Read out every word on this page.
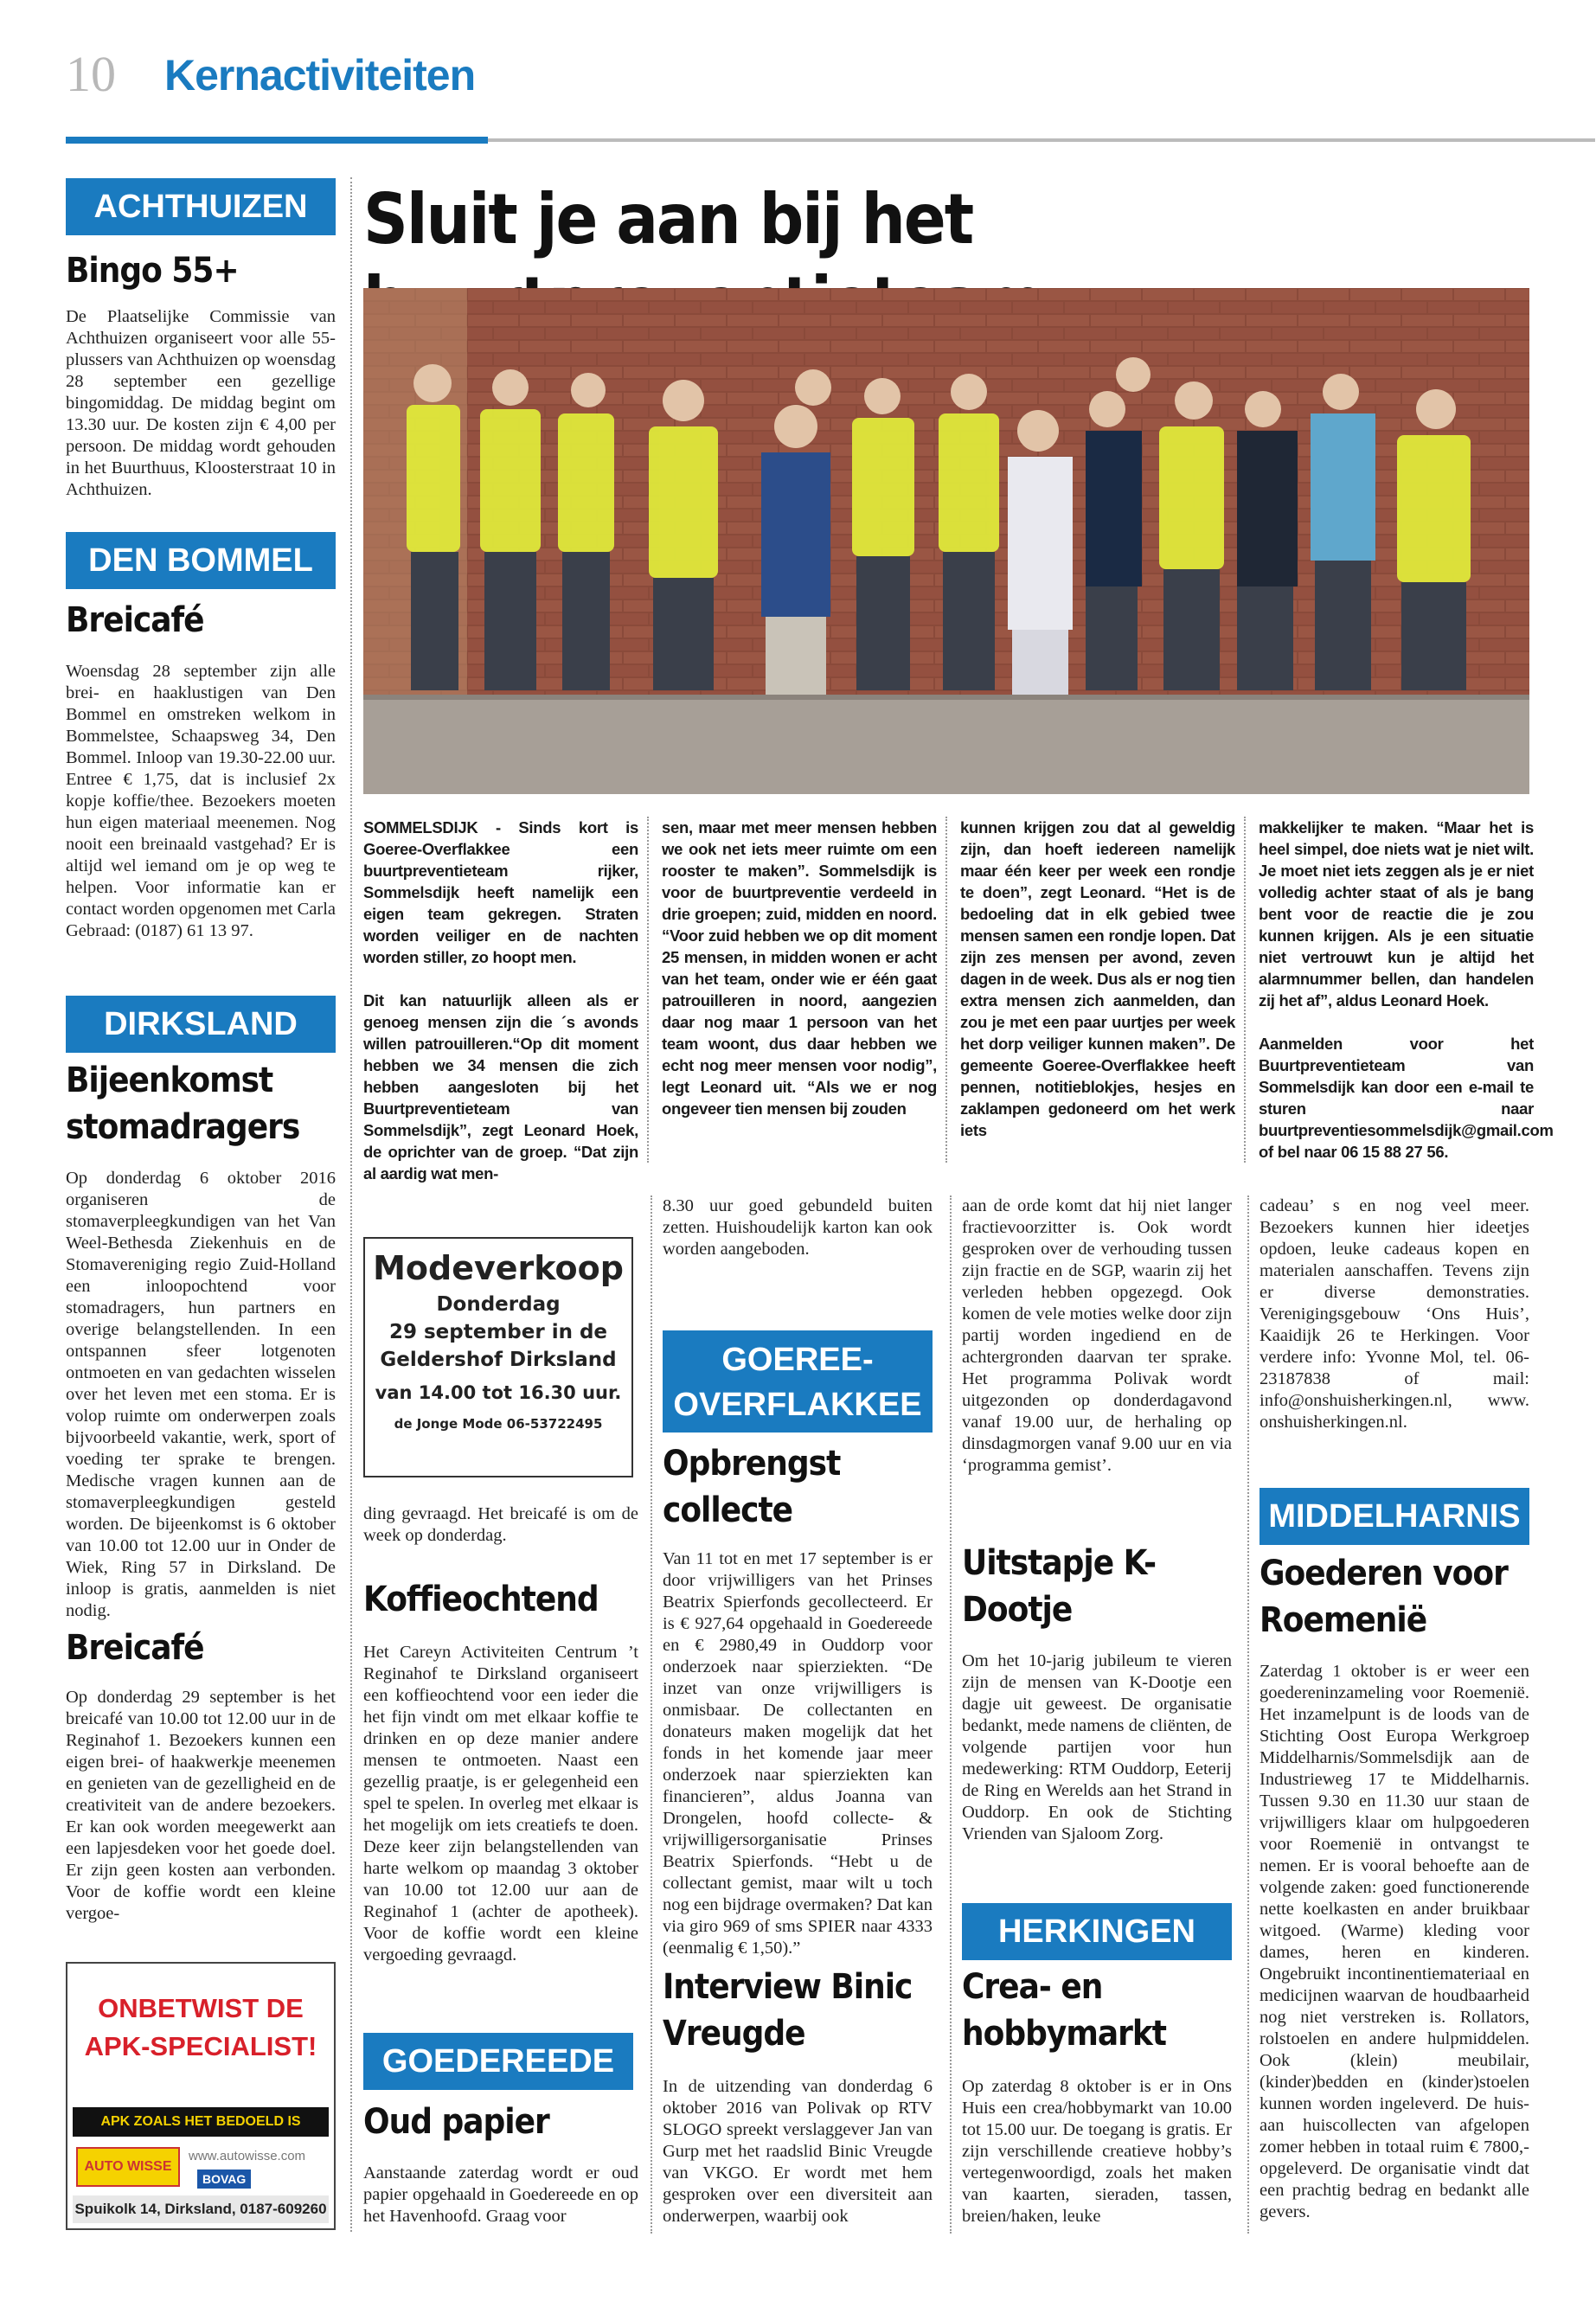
10 Kernactiviteiten
ACHTHUIZEN
Bingo 55+
De Plaatselijke Commissie van Achthuizen organiseert voor alle 55-plussers van Achthuizen op woensdag 28 september een gezellige bingomiddag. De middag begint om 13.30 uur. De kosten zijn € 4,00 per persoon. De middag wordt gehouden in het Buurthuus, Kloosterstraat 10 in Achthuizen.
DEN BOMMEL
Breicafé
Woensdag 28 september zijn alle brei- en haaklustigen van Den Bommel en omstreken welkom in Bommelstee, Schaapsweg 34, Den Bommel. Inloop van 19.30-22.00 uur. Entree € 1,75, dat is inclusief 2x kopje koffie/thee. Bezoekers moeten hun eigen materiaal meenemen. Nog nooit een breinaald vastgehad? Er is altijd wel iemand om je op weg te helpen. Voor informatie kan er contact worden opgenomen met Carla Gebraad: (0187) 61 13 97.
DIRKSLAND
Bijeenkomst stomadragers
Op donderdag 6 oktober 2016 organiseren de stomaverpleegkundigen van het Van Weel-Bethesda Ziekenhuis en de Stomavereniging regio Zuid-Holland een inloopochtend voor stomadragers, hun partners en overige belangstellenden. In een ontspannen sfeer lotgenoten ontmoeten en van gedachten wisselen over het leven met een stoma. Er is volop ruimte om onderwerpen zoals bijvoorbeeld vakantie, werk, sport of voeding ter sprake te brengen. Medische vragen kunnen aan de stomaverpleegkundigen gesteld worden. De bijeenkomst is 6 oktober van 10.00 tot 12.00 uur in Onder de Wiek, Ring 57 in Dirksland. De inloop is gratis, aanmelden is niet nodig.
Breicafé
Op donderdag 29 september is het breicafé van 10.00 tot 12.00 uur in de Reginahof 1. Bezoekers kunnen een eigen brei- of haakwerkje meenemen en genieten van de gezelligheid en de creativiteit van de andere bezoekers. Er kan ook worden meegewerkt aan een lapjesdeken voor het goede doel. Er zijn geen kosten aan verbonden. Voor de koffie wordt een kleine vergoe-
ONBETWIST DE APK-SPECIALIST!
APK ZOALS HET BEDOELD IS
AUTO WISSE
www.autowisse.com
BOVAG
Spuikolk 14, Dirksland, 0187-609260
Sluit je aan bij het
SOMMELSDIJK - Sinds kort is Goeree-Overflakkee een buurtpreventieteam rijker, Sommelsdijk heeft namelijk een eigen team gekregen. Straten worden veiliger en de nachten worden stiller, zo hoopt men.
Dit kan natuurlijk alleen als er genoeg mensen zijn die ´s avonds willen patrouilleren.“Op dit moment hebben we 34 mensen die zich hebben aangesloten bij het Buurtpreventieteam van Sommelsdijk”, zegt Leonard Hoek, de oprichter van de groep. “Dat zijn al aardig wat men-
sen, maar met meer mensen hebben we ook net iets meer ruimte om een rooster te maken”. Sommelsdijk is voor de buurtpreventie verdeeld in drie groepen; zuid, midden en noord. “Voor zuid hebben we op dit moment 25 mensen, in midden wonen er acht van het team, onder wie er één gaat patrouilleren in noord, aangezien daar nog maar 1 persoon van het team woont, dus daar hebben we echt nog meer mensen voor nodig”, legt Leonard uit. “Als we er nog ongeveer tien mensen bij zouden
kunnen krijgen zou dat al geweldig zijn, dan hoeft iedereen namelijk maar één keer per week een rondje te doen”, zegt Leonard. “Het is de bedoeling dat in elk gebied twee mensen samen een rondje lopen. Dat zijn zes mensen per avond, zeven dagen in de week. Dus als er nog tien extra mensen zich aanmelden, dan zou je met een paar uurtjes per week het dorp veiliger kunnen maken”. De gemeente Goeree-Overflakkee heeft pennen, notitieblokjes, hesjes en zaklampen gedoneerd om het werk iets
makkelijker te maken. “Maar het is heel simpel, doe niets wat je niet wilt. Je moet niet iets zeggen als je er niet volledig achter staat of als je bang bent voor de reactie die je zou kunnen krijgen. Als je een situatie niet vertrouwt kun je altijd het alarmnummer bellen, dan handelen zij het af”, aldus Leonard Hoek.
Aanmelden voor het Buurtpreventieteam van Sommelsdijk kan door een e-mail te sturen naar buurtpreventiesommelsdijk@gmail.com of bel naar 06 15 88 27 56.
Modeverkoop
Donderdag
29 september in de
Geldershof Dirksland
van 14.00 tot 16.30 uur.
de Jonge Mode 06-53722495
ding gevraagd. Het breicafé is om de week op donderdag.
Koffieochtend
Het Careyn Activiteiten Centrum ’t Reginahof te Dirksland organiseert een koffieochtend voor een ieder die het fijn vindt om met elkaar koffie te drinken en op deze manier andere mensen te ontmoeten. Naast een gezellig praatje, is er gelegenheid een spel te spelen. In overleg met elkaar is het mogelijk om iets creatiefs te doen. Deze keer zijn belangstellenden van harte welkom op maandag 3 oktober van 10.00 tot 12.00 uur aan de Reginahof 1 (achter de apotheek). Voor de koffie wordt een kleine vergoeding gevraagd.
GOEDEREEDE
Oud papier
Aanstaande zaterdag wordt er oud papier opgehaald in Goedereede en op het Havenhoofd. Graag voor
8.30 uur goed gebundeld buiten zetten. Huishoudelijk karton kan ook worden aangeboden.
GOEREE-
OVERFLAKKEE
Opbrengst collecte
Van 11 tot en met 17 september is er door vrijwilligers van het Prinses Beatrix Spierfonds gecollecteerd. Er is € 927,64 opgehaald in Goedereede en € 2980,49 in Ouddorp voor onderzoek naar spierziekten. “De inzet van onze vrijwilligers is onmisbaar. De collectanten en donateurs maken mogelijk dat het fonds in het komende jaar meer onderzoek naar spierziekten kan financieren”, aldus Joanna van Drongelen, hoofd collecte- & vrijwilligersorganisatie Prinses Beatrix Spierfonds. “Hebt u de collectant gemist, maar wilt u toch nog een bijdrage overmaken? Dat kan via giro 969 of sms SPIER naar 4333 (eenmalig € 1,50).”
Interview Binic Vreugde
In de uitzending van donderdag 6 oktober 2016 van Polivak op RTV SLOGO spreekt verslaggever Jan van Gurp met het raadslid Binic Vreugde van VKGO. Er wordt met hem gesproken over een diversiteit aan onderwerpen, waarbij ook
aan de orde komt dat hij niet langer fractievoorzitter is. Ook wordt gesproken over de verhouding tussen zijn fractie en de SGP, waarin zij het verleden hebben opgezegd. Ook komen de vele moties welke door zijn partij worden ingediend en de achtergronden daarvan ter sprake. Het programma Polivak wordt uitgezonden op donderdagavond vanaf 19.00 uur, de herhaling op dinsdagmorgen vanaf 9.00 uur en via ‘programma gemist’.
Uitstapje K-Dootje
Om het 10-jarig jubileum te vieren zijn de mensen van K-Dootje een dagje uit geweest. De organisatie bedankt, mede namens de cliënten, de volgende partijen voor hun medewerking: RTM Ouddorp, Eeterij de Ring en Werelds aan het Strand in Ouddorp. En ook de Stichting Vrienden van Sjaloom Zorg.
HERKINGEN
Crea- en hobbymarkt
Op zaterdag 8 oktober is er in Ons Huis een crea/hobbymarkt van 10.00 tot 15.00 uur. De toegang is gratis. Er zijn verschillende creatieve hobby’s vertegenwoordigd, zoals het maken van kaarten, sieraden, tassen, breien/haken, leuke
cadeau’ s en nog veel meer. Bezoekers kunnen hier ideetjes opdoen, leuke cadeaus kopen en materialen aanschaffen. Tevens zijn er diverse demonstraties. Verenigingsgebouw ‘Ons Huis’, Kaaidijk 26 te Herkingen. Voor verdere info: Yvonne Mol, tel. 06-23187838 of mail: info@onshuisherkingen.nl, www. onshuisherkingen.nl.
MIDDELHARNIS
Goederen voor Roemenië
Zaterdag 1 oktober is er weer een goedereninzameling voor Roemenië. Het inzamelpunt is de loods van de Stichting Oost Europa Werkgroep Middelharnis/Sommelsdijk aan de Industrieweg 17 te Middelharnis. Tussen 9.30 en 11.30 uur staan de vrijwilligers klaar om hulpgoederen voor Roemenië in ontvangst te nemen. Er is vooral behoefte aan de volgende zaken: goed functionerende nette koelkasten en ander bruikbaar witgoed. (Warme) kleding voor dames, heren en kinderen. Ongebruikt incontinentiemateriaal en medicijnen waarvan de houdbaarheid nog niet verstreken is. Rollators, rolstoelen en andere hulpmiddelen. Ook (klein) meubilair, (kinder)bedden en (kinder)stoelen kunnen worden ingeleverd. De huis-aan huiscollecten van afgelopen zomer hebben in totaal ruim € 7800,- opgeleverd. De organisatie vindt dat een prachtig bedrag en bedankt alle gevers.
